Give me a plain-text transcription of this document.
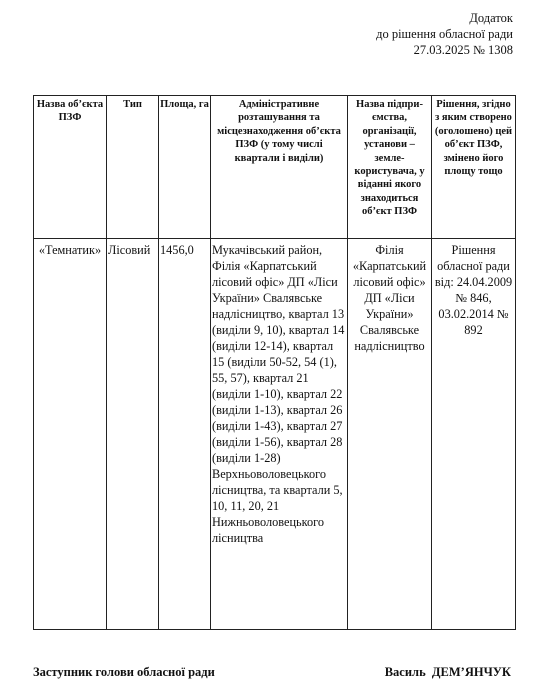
Додаток
до рішення обласної ради
27.03.2025 № 1308
Назва об’єкта ПЗФ	Тип	Площа, га	Адміністративне розташування та місцезнаходження об’єкта ПЗФ (у тому числі квартали і виділи)	Назва підпри-ємства, організації, установи – земле-користувача, у віданні якого знаходиться об’єкт ПЗФ	Рішення, згідно з яким створено (оголошено) цей об’єкт ПЗФ, змінено його площу тощо
«Темнатик»	Лісовий	1456,0	Мукачівський район, Філія «Карпатський лісовий офіс» ДП «Ліси України» Свалявське надлісництво, квартал 13 (виділи 9, 10), квартал 14 (виділи 12-14), квартал 15 (виділи 50-52, 54 (1), 55, 57), квартал 21 (виділи 1-10), квартал 22 (виділи 1-13), квартал 26 (виділи 1-43), квартал 27 (виділи 1-56), квартал 28 (виділи 1-28) Верхньоволовецького лісництва, та квартали 5, 10, 11, 20, 21 Нижньоволовецького лісництва	Філія «Карпатський лісовий офіс» ДП «Ліси України» Свалявське надлісництво	Рішення обласної ради від: 24.04.2009 № 846, 03.02.2014 № 892
Заступник голови обласної ради	Василь  ДЕМ’ЯНЧУК
